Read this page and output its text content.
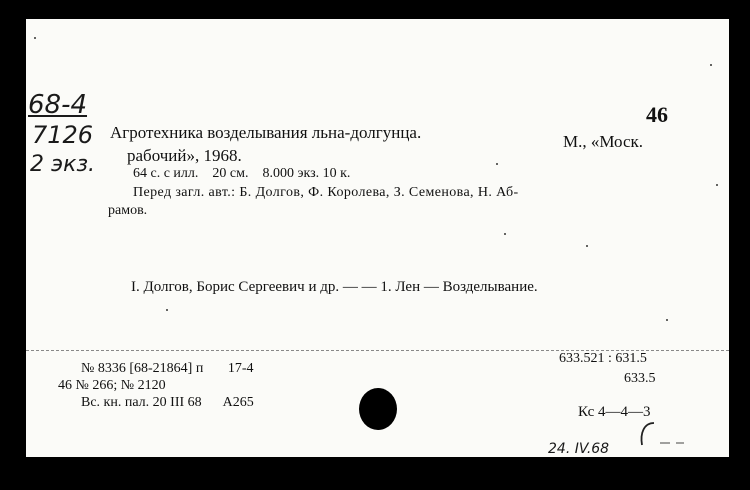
68-4
7126
2 экз.
46
Агротехника возделывания льна-долгунца.	М., «Моск.
рабочий», 1968.
64 с. с илл.    20 см.    8.000 экз. 10 к.
Перед загл. авт.: Б. Долгов, Ф. Королева, З. Семенова, Н. Аб-
рамов.
I. Долгов, Борис Сергеевич и др. — — 1. Лен — Возделывание.
№ 8336 [68-21864] п       17-4
46 № 266; № 2120
Вс. кн. пал. 20 III 68      А265
633.521 : 631.5
633.5
Кс 4—4—3
24. IV.68
